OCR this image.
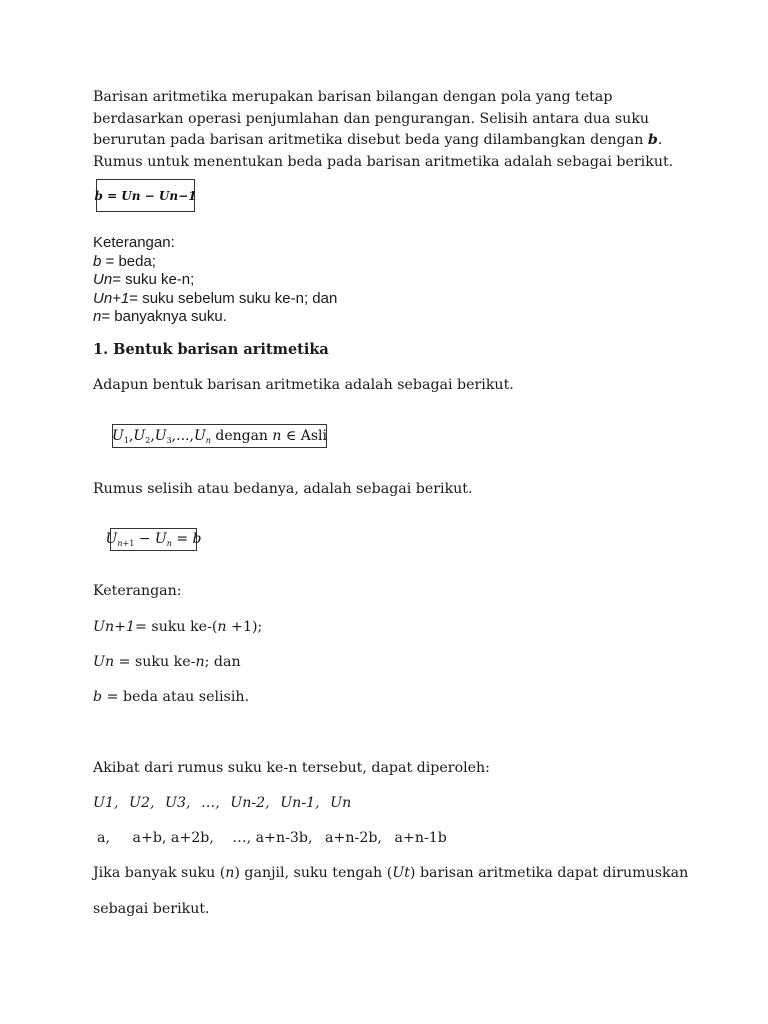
Barisan aritmetika merupakan barisan bilangan dengan pola yang tetap berdasarkan operasi penjumlahan dan pengurangan. Selisih antara dua suku berurutan pada barisan aritmetika disebut beda yang dilambangkan dengan b. Rumus untuk menentukan beda pada barisan aritmetika adalah sebagai berikut.

b = Un − Un−1
Keterangan:
b = beda;
Un= suku ke-n;
Un+1= suku sebelum suku ke-n; dan
n= banyaknya suku.
1. Bentuk barisan aritmetika
Adapun bentuk barisan aritmetika adalah sebagai berikut.
$U_1,U_2,U_3,...,U_n$ dengan n ∈ Asli
Rumus selisih atau bedanya, adalah sebagai berikut.
$U_{n+1} - U_n = b$
Keterangan:
Un+1= suku ke-(n +1);
Un = suku ke-n; dan
b = beda atau selisih.
Akibat dari rumus suku ke-n tersebut, dapat diperoleh:
U1, U2, U3, …, Un-2, Un-1, Un
a, a+b, a+2b, …, a+n-3b, a+n-2b, a+n-1b
Jika banyak suku (n) ganjil, suku tengah (Ut) barisan aritmetika dapat dirumuskan
sebagai berikut.
